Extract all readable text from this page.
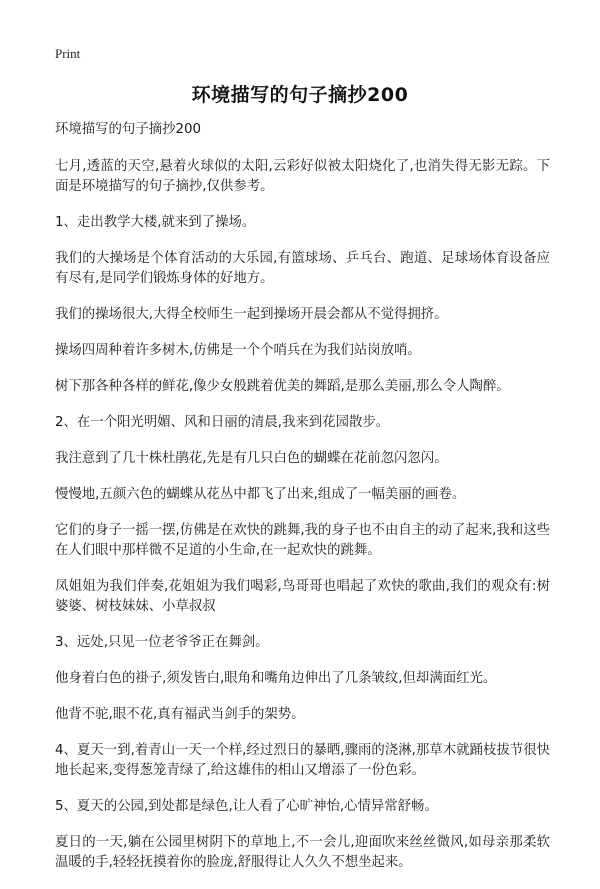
Print
环境描写的句子摘抄200

环境描写的句子摘抄200

七月,透蓝的天空,悬着火球似的太阳,云彩好似被太阳烧化了,也消失得无影无踪。下面是环境描写的句子摘抄,仅供参考。

1、走出教学大楼,就来到了操场。

我们的大操场是个体育活动的大乐园,有篮球场、乒乓台、跑道、足球场体育设备应有尽有,是同学们锻炼身体的好地方。

我们的操场很大,大得全校师生一起到操场开晨会都从不觉得拥挤。

操场四周种着许多树木,仿佛是一个个哨兵在为我们站岗放哨。

树下那各种各样的鲜花,像少女般跳着优美的舞蹈,是那么美丽,那么令人陶醉。

2、在一个阳光明媚、风和日丽的清晨,我来到花园散步。

我注意到了几十株杜鹃花,先是有几只白色的蝴蝶在花前忽闪忽闪。

慢慢地,五颜六色的蝴蝶从花丛中都飞了出来,组成了一幅美丽的画卷。

它们的身子一摇一摆,仿佛是在欢快的跳舞,我的身子也不由自主的动了起来,我和这些在人们眼中那样微不足道的小生命,在一起欢快的跳舞。

凤姐姐为我们伴奏,花姐姐为我们喝彩,鸟哥哥也唱起了欢快的歌曲,我们的观众有:树婆婆、树枝妹妹、小草叔叔

3、远处,只见一位老爷爷正在舞剑。

他身着白色的褂子,须发皆白,眼角和嘴角边伸出了几条皱纹,但却满面红光。

他背不驼,眼不花,真有福武当剑手的架势。

4、夏天一到,着青山一天一个样,经过烈日的暴晒,骤雨的浇淋,那草木就踊枝拔节很快地长起来,变得葱笼青绿了,给这雄伟的相山又增添了一份色彩。

5、夏天的公园,到处都是绿色,让人看了心旷神怡,心情异常舒畅。

夏日的一天,躺在公园里树阴下的草地上,不一会儿,迎面吹来丝丝微风,如母亲那柔软温暖的手,轻轻抚摸着你的脸庞,舒服得让人久久不想坐起来。
